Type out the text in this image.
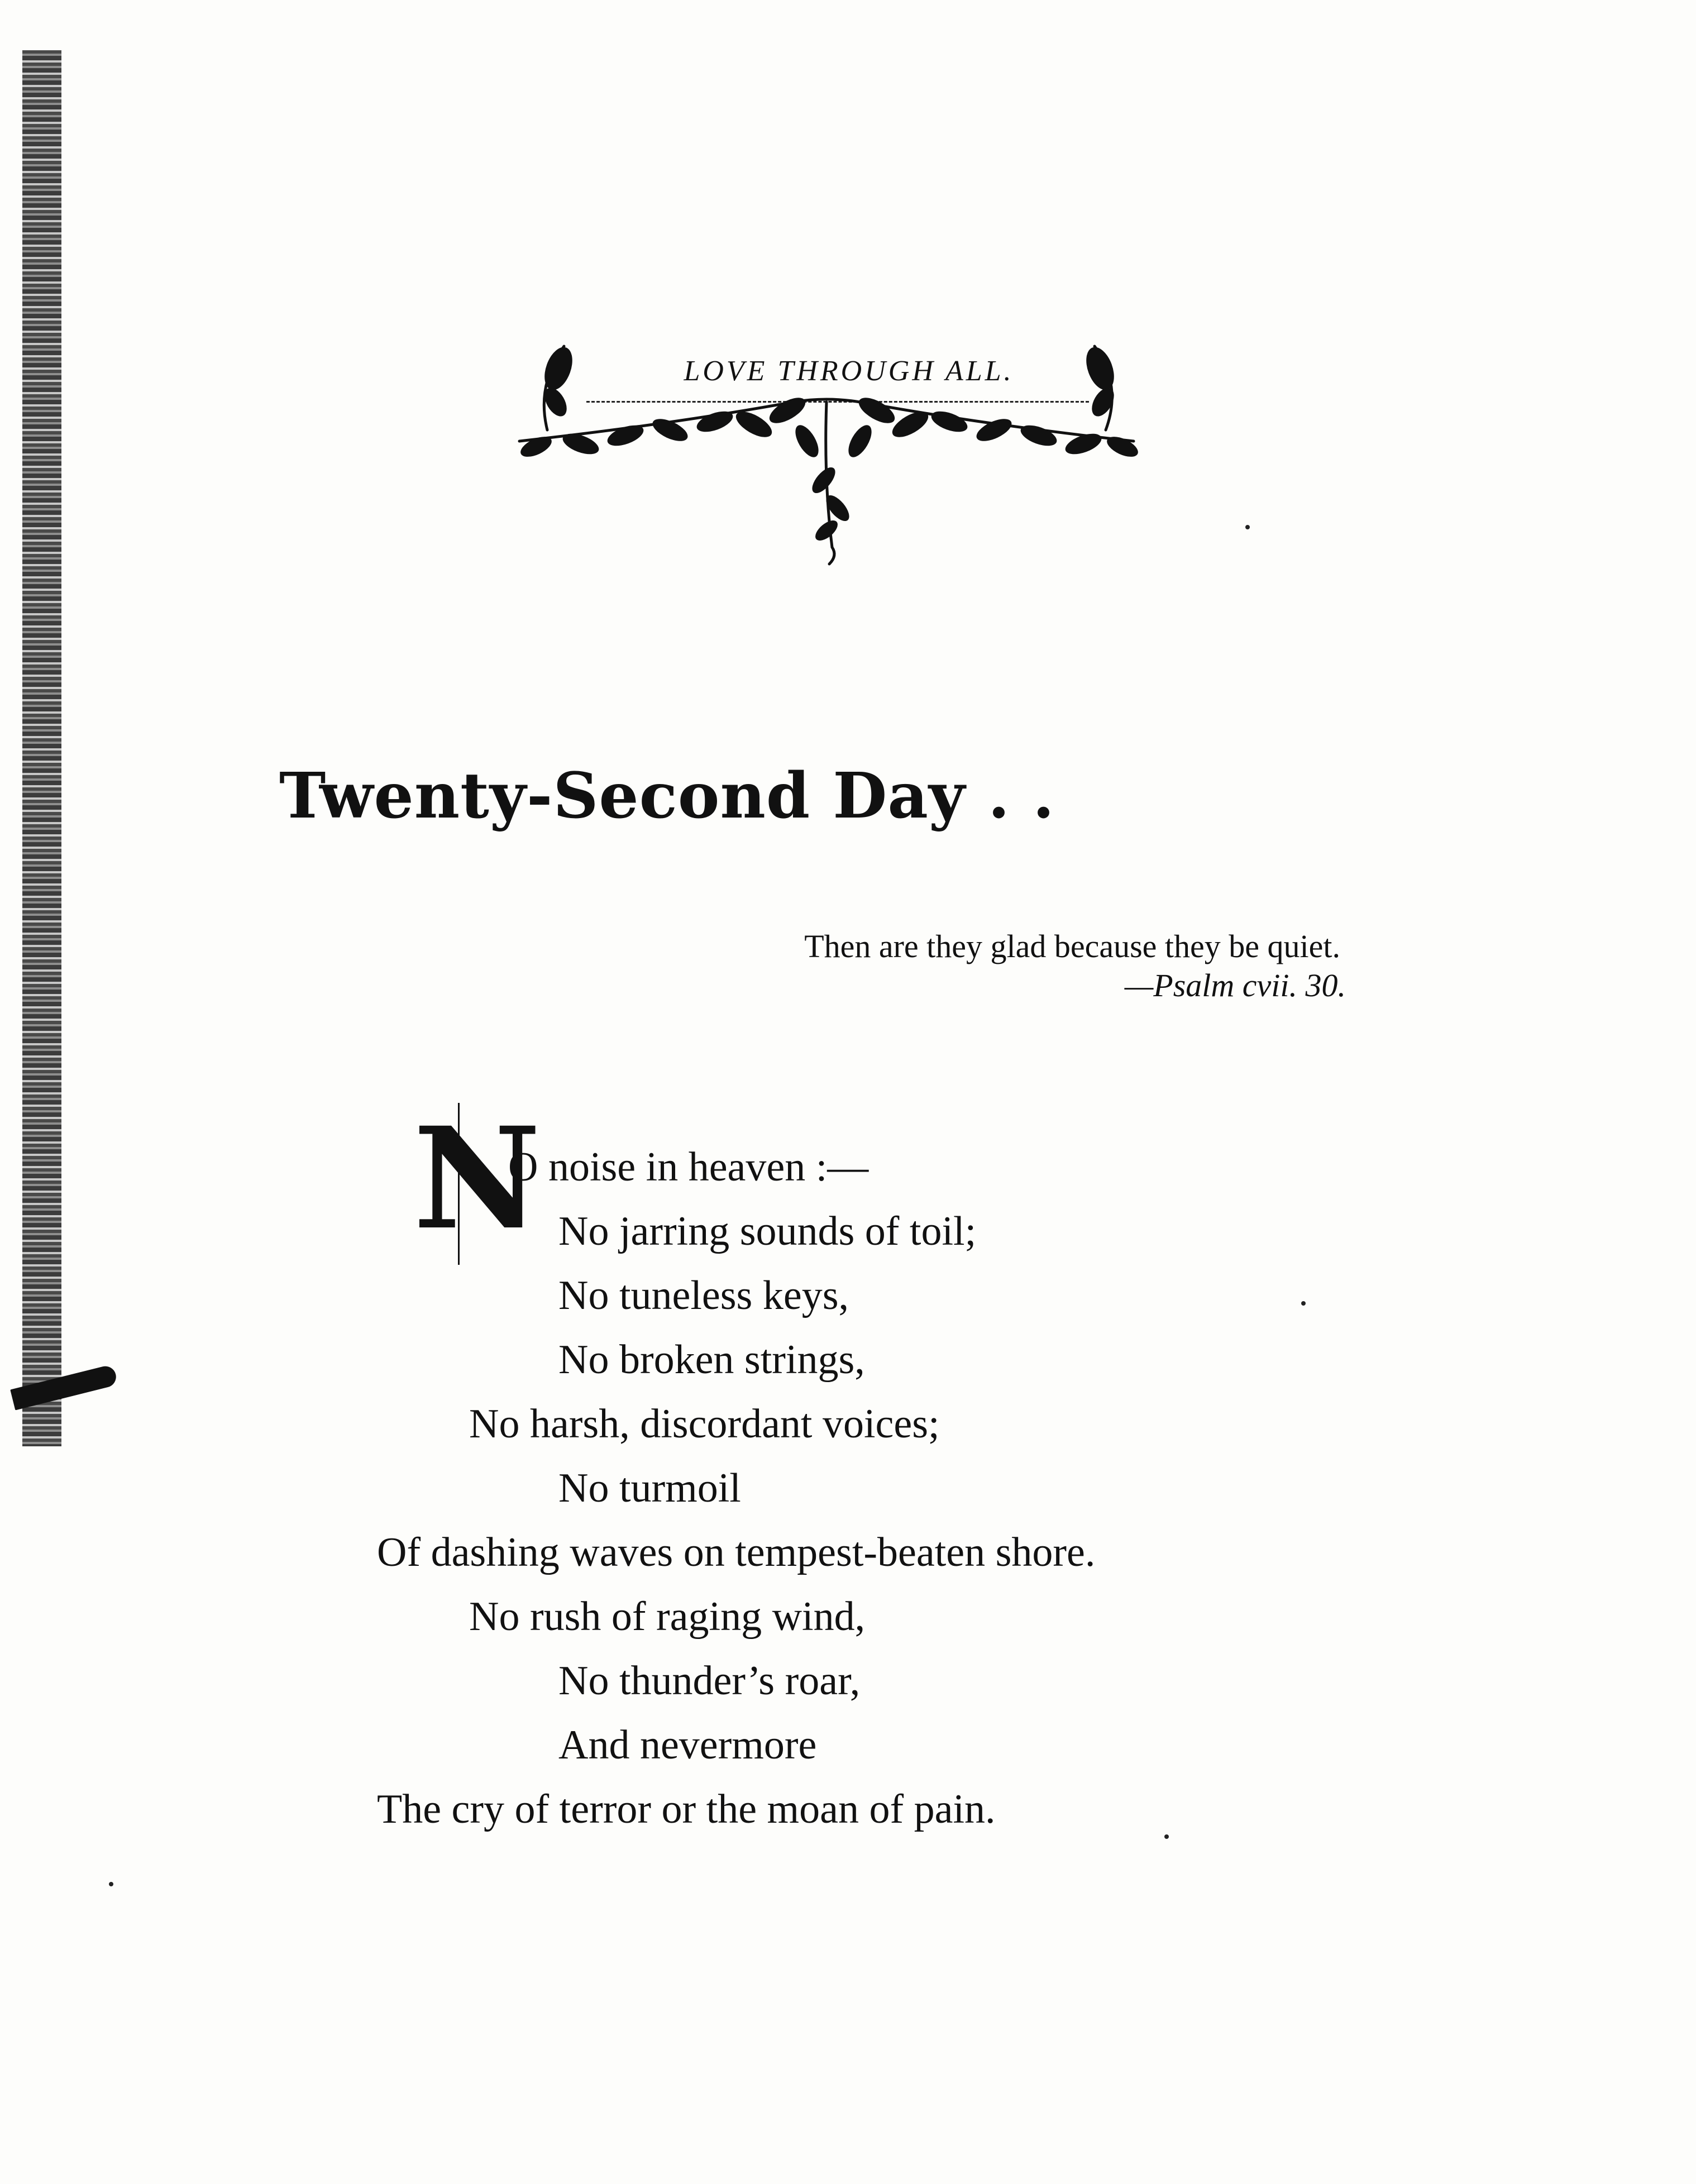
LOVE THROUGH ALL.
Twenty-Second Day . .
Then are they glad because they be quiet.
—Psalm cvii. 30.
N
O noise in heaven :—
No jarring sounds of toil;
No tuneless keys,
No broken strings,
No harsh, discordant voices;
No turmoil
Of dashing waves on tempest-beaten shore.
No rush of raging wind,
No thunder’s roar,
And nevermore
The cry of terror or the moan of pain.
